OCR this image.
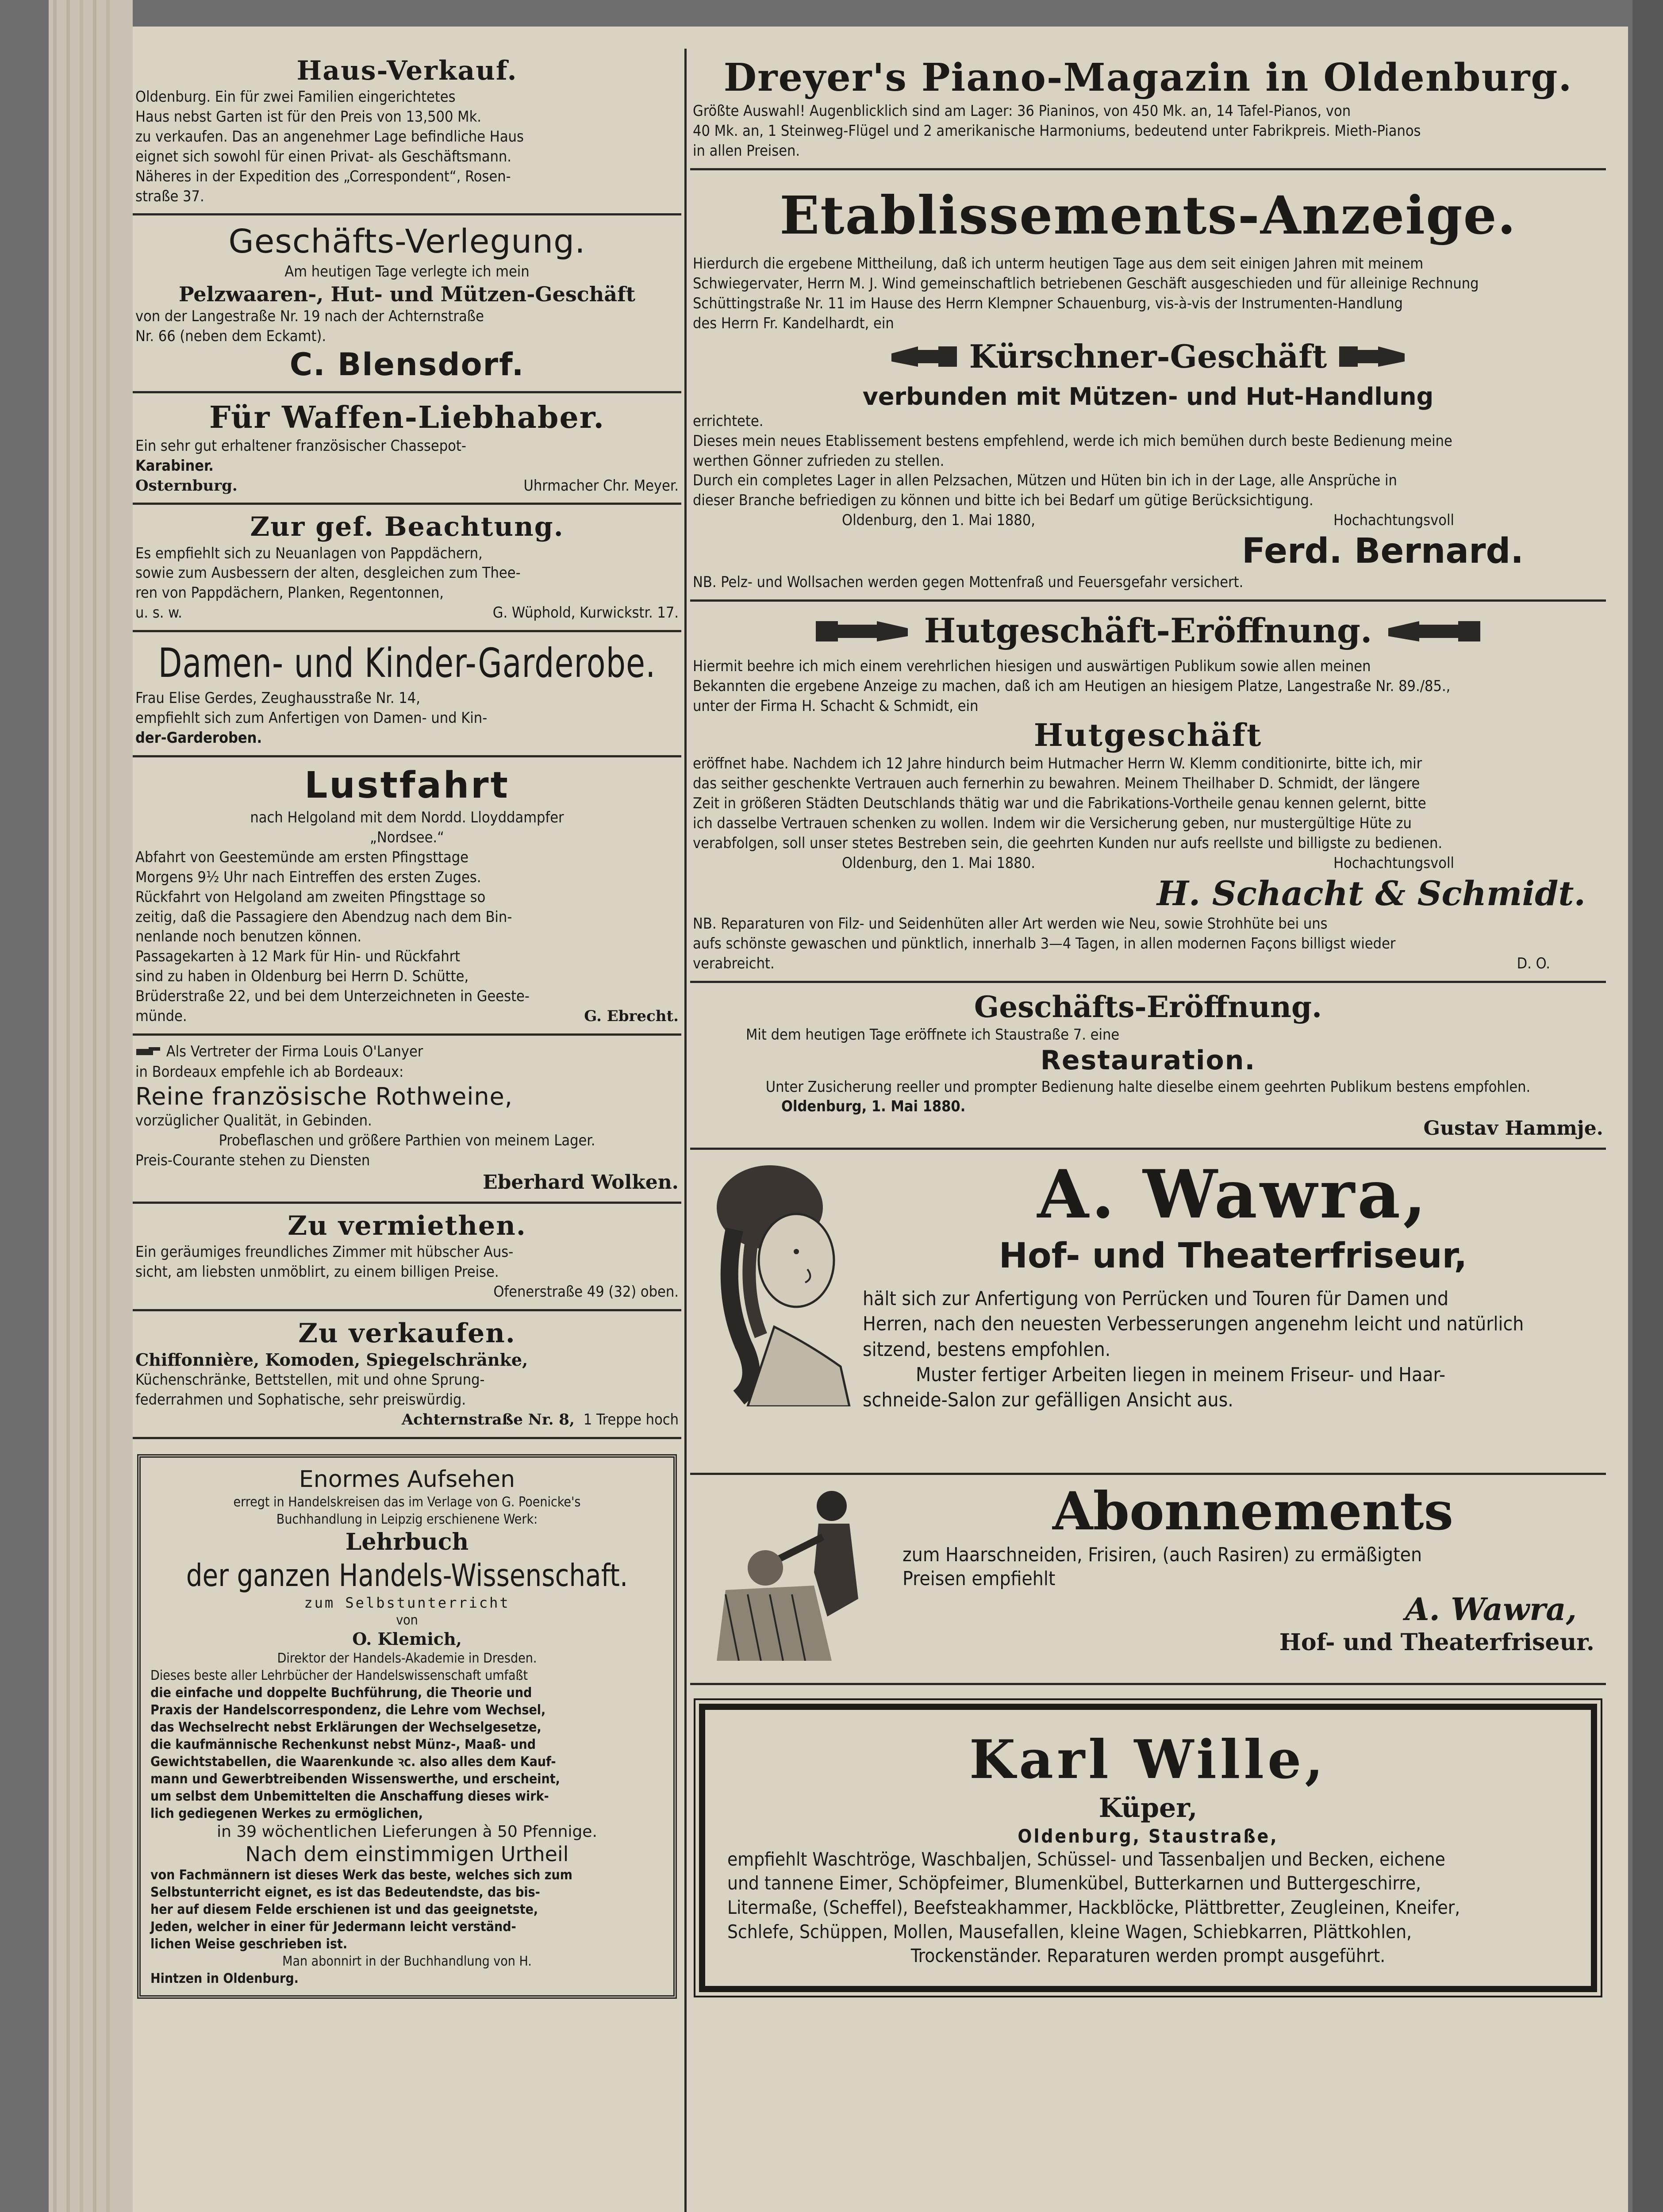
Haus-Verkauf.

Oldenburg. Ein für zwei Familien eingerichtetes

Haus nebst Garten ist für den Preis von 13,500 Mk.

zu verkaufen. Das an angenehmer Lage befindliche Haus

eignet sich sowohl für einen Privat- als Geschäftsmann.

Näheres in der Expedition des „Correspondent“, Rosen-

straße 37.

Geschäfts-Verlegung.

Am heutigen Tage verlegte ich mein

Pelzwaaren-, Hut- und Mützen-Geschäft

von der Langestraße Nr. 19 nach der Achternstraße

Nr. 66 (neben dem Eckamt).

C. Blensdorf.

Für Waffen-Liebhaber.

Ein sehr gut erhaltener französischer Chassepot-

Karabiner.

Osternburg.	Uhrmacher Chr. Meyer.

Zur gef. Beachtung.

Es empfiehlt sich zu Neuanlagen von Pappdächern,

sowie zum Ausbessern der alten, desgleichen zum Thee-

ren von Pappdächern, Planken, Regentonnen,

u. s. w.	G. Wüphold, Kurwickstr. 17.

Damen- und Kinder-Garderobe.

Frau Elise Gerdes, Zeughausstraße Nr. 14,

empfiehlt sich zum Anfertigen von Damen- und Kin-

der-Garderoben.

Lustfahrt

nach Helgoland mit dem Nordd. Lloyddampfer

„Nordsee.“

Abfahrt von Geestemünde am ersten Pfingsttage

Morgens 9½ Uhr nach Eintreffen des ersten Zuges.

Rückfahrt von Helgoland am zweiten Pfingsttage so

zeitig, daß die Passagiere den Abendzug nach dem Bin-

nenlande noch benutzen können.

Passagekarten à 12 Mark für Hin- und Rückfahrt

sind zu haben in Oldenburg bei Herrn D. Schütte,

Brüderstraße 22, und bei dem Unterzeichneten in Geeste-

münde.	G. Ebrecht.

Als Vertreter der Firma Louis O'Lanyer

in Bordeaux empfehle ich ab Bordeaux:

Reine französische Rothweine,

vorzüglicher Qualität, in Gebinden.

Probeflaschen und größere Parthien von meinem Lager.

Preis-Courante stehen zu Diensten

Eberhard Wolken.

Zu vermiethen.

Ein geräumiges freundliches Zimmer mit hübscher Aus-

sicht, am liebsten unmöblirt, zu einem billigen Preise.

Ofenerstraße 49 (32) oben.

Zu verkaufen.

Chiffonnière, Komoden, Spiegelschränke,

Küchenschränke, Bettstellen, mit und ohne Sprung-

federrahmen und Sophatische, sehr preiswürdig.

Achternstraße Nr. 8, 1 Treppe hoch

Enormes Aufsehen

erregt in Handelskreisen das im Verlage von G. Poenicke's

Buchhandlung in Leipzig erschienene Werk:

Lehrbuch

der ganzen Handels-Wissenschaft.

zum Selbstunterricht

von

O. Klemich,

Direktor der Handels-Akademie in Dresden.

Dieses beste aller Lehrbücher der Handelswissenschaft umfaßt

die einfache und doppelte Buchführung, die Theorie und

Praxis der Handelscorrespondenz, die Lehre vom Wechsel,

das Wechselrecht nebst Erklärungen der Wechselgesetze,

die kaufmännische Rechenkunst nebst Münz-, Maaß- und

Gewichtstabellen, die Waarenkunde ꝛc. also alles dem Kauf-

mann und Gewerbtreibenden Wissenswerthe, und erscheint,

um selbst dem Unbemittelten die Anschaffung dieses wirk-

lich gediegenen Werkes zu ermöglichen,

in 39 wöchentlichen Lieferungen à 50 Pfennige.

Nach dem einstimmigen Urtheil

von Fachmännern ist dieses Werk das beste, welches sich zum

Selbstunterricht eignet, es ist das Bedeutendste, das bis-

her auf diesem Felde erschienen ist und das geeignetste,

Jeden, welcher in einer für Jedermann leicht verständ-

lichen Weise geschrieben ist.

Man abonnirt in der Buchhandlung von H.

Hintzen in Oldenburg.

Dreyer's Piano-Magazin in Oldenburg.

Größte Auswahl! Augenblicklich sind am Lager: 36 Pianinos, von 450 Mk. an, 14 Tafel-Pianos, von

40 Mk. an, 1 Steinweg-Flügel und 2 amerikanische Harmoniums, bedeutend unter Fabrikpreis. Mieth-Pianos

in allen Preisen.

Etablissements-Anzeige.

Hierdurch die ergebene Mittheilung, daß ich unterm heutigen Tage aus dem seit einigen Jahren mit meinem

Schwiegervater, Herrn M. J. Wind gemeinschaftlich betriebenen Geschäft ausgeschieden und für alleinige Rechnung

Schüttingstraße Nr. 11 im Hause des Herrn Klempner Schauenburg, vis-à-vis der Instrumenten-Handlung

des Herrn Fr. Kandelhardt, ein

Kürschner-Geschäft

verbunden mit Mützen- und Hut-Handlung

errichtete.

Dieses mein neues Etablissement bestens empfehlend, werde ich mich bemühen durch beste Bedienung meine

werthen Gönner zufrieden zu stellen.

Durch ein completes Lager in allen Pelzsachen, Mützen und Hüten bin ich in der Lage, alle Ansprüche in

dieser Branche befriedigen zu können und bitte ich bei Bedarf um gütige Berücksichtigung.

Oldenburg, den 1. Mai 1880,	Hochachtungsvoll

Ferd. Bernard.

NB. Pelz- und Wollsachen werden gegen Mottenfraß und Feuersgefahr versichert.

Hutgeschäft-Eröffnung.

Hiermit beehre ich mich einem verehrlichen hiesigen und auswärtigen Publikum sowie allen meinen

Bekannten die ergebene Anzeige zu machen, daß ich am Heutigen an hiesigem Platze, Langestraße Nr. 89./85.,

unter der Firma H. Schacht & Schmidt, ein

Hutgeschäft

eröffnet habe. Nachdem ich 12 Jahre hindurch beim Hutmacher Herrn W. Klemm conditionirte, bitte ich, mir

das seither geschenkte Vertrauen auch fernerhin zu bewahren. Meinem Theilhaber D. Schmidt, der längere

Zeit in größeren Städten Deutschlands thätig war und die Fabrikations-Vortheile genau kennen gelernt, bitte

ich dasselbe Vertrauen schenken zu wollen. Indem wir die Versicherung geben, nur mustergültige Hüte zu

verabfolgen, soll unser stetes Bestreben sein, die geehrten Kunden nur aufs reellste und billigste zu bedienen.

Oldenburg, den 1. Mai 1880.	Hochachtungsvoll

H. Schacht & Schmidt.

NB. Reparaturen von Filz- und Seidenhüten aller Art werden wie Neu, sowie Strohhüte bei uns

aufs schönste gewaschen und pünktlich, innerhalb 3—4 Tagen, in allen modernen Façons billigst wieder

verabreicht.	D. O.

Geschäfts-Eröffnung.

Mit dem heutigen Tage eröffnete ich Staustraße 7. eine

Restauration.

Unter Zusicherung reeller und prompter Bedienung halte dieselbe einem geehrten Publikum bestens empfohlen.

Oldenburg, 1. Mai 1880.

Gustav Hammje.

A. Wawra,

Hof- und Theaterfriseur,

hält sich zur Anfertigung von Perrücken und Touren für Damen und

Herren, nach den neuesten Verbesserungen angenehm leicht und natürlich

sitzend, bestens empfohlen.

Muster fertiger Arbeiten liegen in meinem Friseur- und Haar-

schneide-Salon zur gefälligen Ansicht aus.

Abonnements

zum Haarschneiden, Frisiren, (auch Rasiren) zu ermäßigten

Preisen empfiehlt

A. Wawra,

Hof- und Theaterfriseur.

Karl Wille,

Küper,

Oldenburg, Staustraße,

empfiehlt Waschtröge, Waschbaljen, Schüssel- und Tassenbaljen und Becken, eichene

und tannene Eimer, Schöpfeimer, Blumenkübel, Butterkarnen und Buttergeschirre,

Litermaße, (Scheffel), Beefsteakhammer, Hackblöcke, Plättbretter, Zeugleinen, Kneifer,

Schlefe, Schüppen, Mollen, Mausefallen, kleine Wagen, Schiebkarren, Plättkohlen,

Trockenständer. Reparaturen werden prompt ausgeführt.
